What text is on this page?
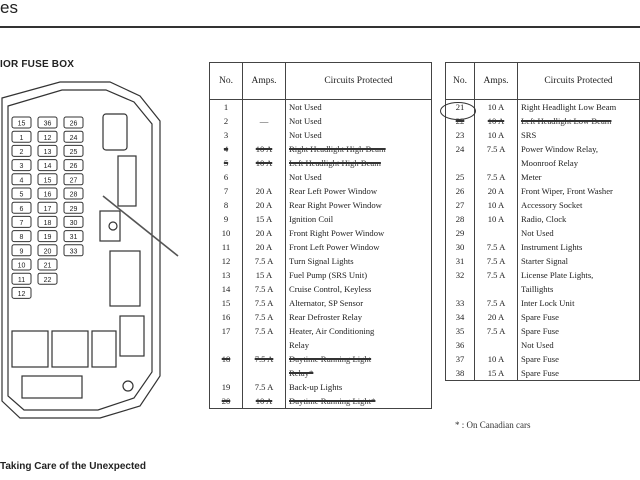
es
IOR FUSE BOX
15
1
2
3
4
5
6
7
8
9
10
11
12
36
12
13
14
15
16
17
18
19
20
21
22
26
24
25
26
27
28
29
30
31
33
No.	Amps.	Circuits Protected
1		Not Used
2	—	Not Used
3		Not Used
4	10 A	Right Headlight High Beam
5	10 A	Left Headlight High Beam
6		Not Used
7	20 A	Rear Left Power Window
8	20 A	Rear Right Power Window
9	15 A	Ignition Coil
10	20 A	Front Right Power Window
11	20 A	Front Left Power Window
12	7.5 A	Turn Signal Lights
13	15 A	Fuel Pump (SRS Unit)
14	7.5 A	Cruise Control, Keyless
15	7.5 A	Alternator, SP Sensor
16	7.5 A	Rear Defroster Relay
17	7.5 A	Heater, Air Conditioning
		Relay
18	7.5 A	Daytime Running Light
		Relay*
19	7.5 A	Back-up Lights
20	10 A	Daytime Running Light*
No.	Amps.	Circuits Protected
21	10 A	Right Headlight Low Beam
22	10 A	Left Headlight Low Beam
23	10 A	SRS
24	7.5 A	Power Window Relay,
		Moonroof Relay
25	7.5 A	Meter
26	20 A	Front Wiper, Front Washer
27	10 A	Accessory Socket
28	10 A	Radio, Clock
29		Not Used
30	7.5 A	Instrument Lights
31	7.5 A	Starter Signal
32	7.5 A	License Plate Lights,
		Taillights
33	7.5 A	Inter Lock Unit
34	20 A	Spare Fuse
35	7.5 A	Spare Fuse
36		Not Used
37	10 A	Spare Fuse
38	15 A	Spare Fuse
* : On Canadian cars
Taking Care of the Unexpected
